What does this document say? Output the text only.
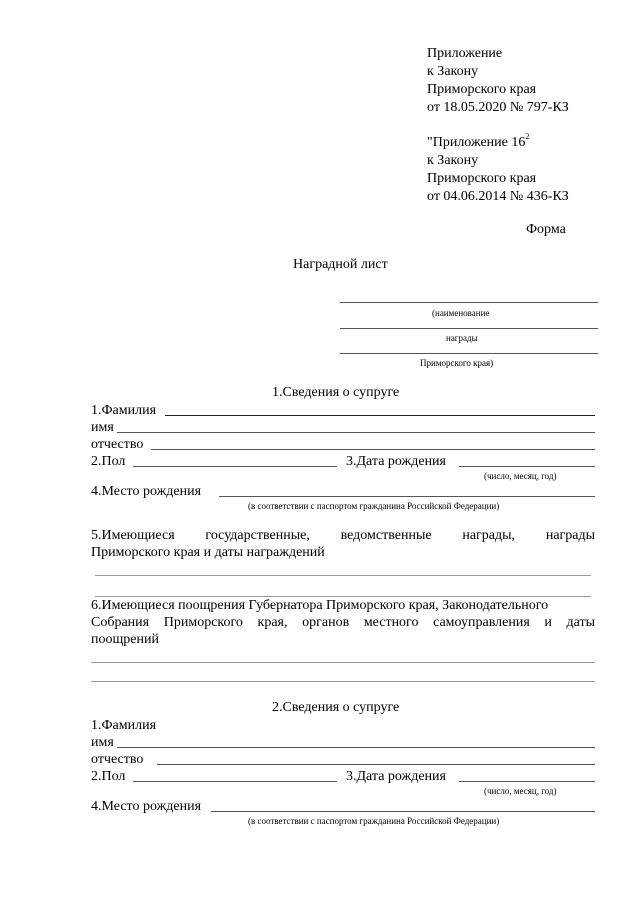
Приложение
к Закону
Приморского края
от 18.05.2020 № 797-КЗ
"Приложение $16^2$
к Закону
Приморского края
от 04.06.2014 № 436-КЗ
Форма
Наградной лист
(наименование
награды
Приморского края)
1.Сведения о супруге
1.Фамилия
имя
отчество
2.Пол	3.Дата рождения
(число, месяц, год)
4.Место рождения
(в соответствии с паспортом гражданина Российской Федерации)
5.Имеющиеся государственные, ведомственные награды, награды
Приморского края и даты награждений
6.Имеющиеся поощрения Губернатора Приморского края, Законодательного
Собрания Приморского края, органов местного самоуправления и даты
поощрений
2.Сведения о супруге
1.Фамилия
имя
отчество
2.Пол	3.Дата рождения
(число, месяц, год)
4.Место рождения
(в соответствии с паспортом гражданина Российской Федерации)
